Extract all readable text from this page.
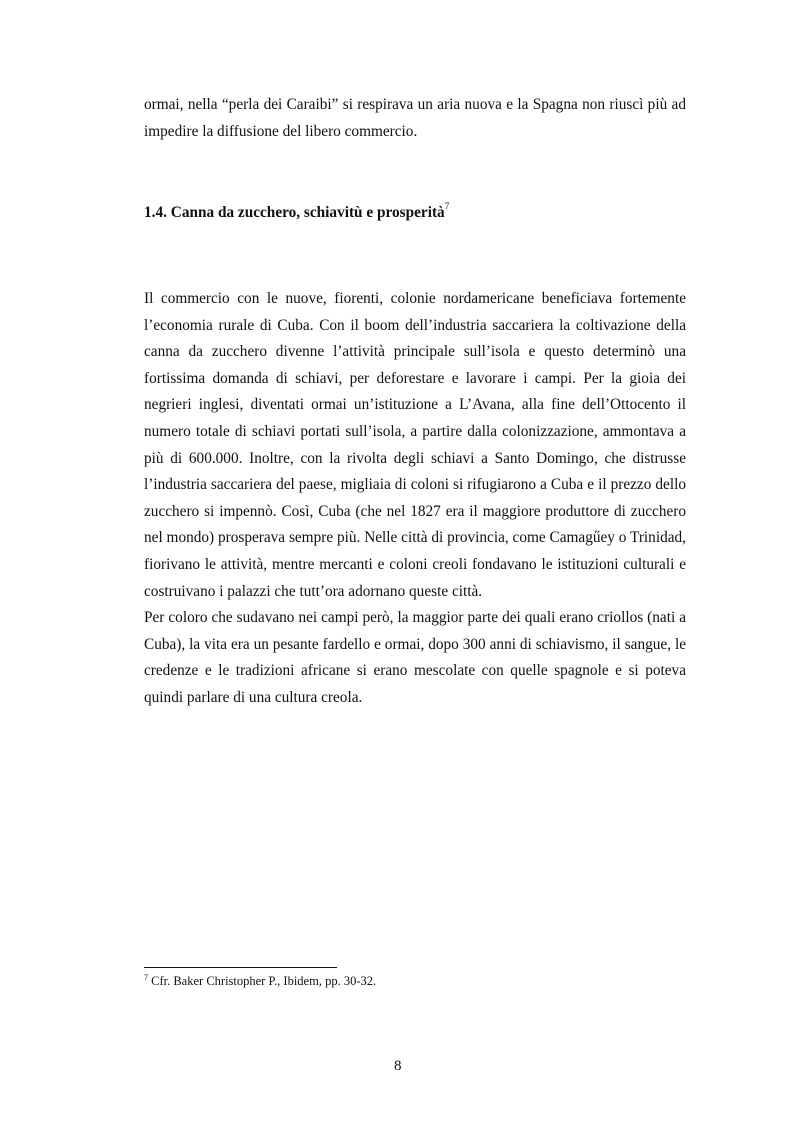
ormai, nella “perla dei Caraibi” si respirava un aria nuova e la Spagna non riuscì più ad impedire la diffusione del libero commercio.

1.4. Canna da zucchero, schiavitù e prosperità$^7$

Il commercio con le nuove, fiorenti, colonie nordamericane beneficiava fortemente l’economia rurale di Cuba. Con il boom dell’industria saccariera la coltivazione della canna da zucchero divenne l’attività principale sull’isola e questo determinò una fortissima domanda di schiavi, per deforestare e lavorare i campi. Per la gioia dei negrieri inglesi, diventati ormai un’istituzione a L’Avana, alla fine dell’Ottocento il numero totale di schiavi portati sull’isola, a partire dalla colonizzazione, ammontava a più di 600.000. Inoltre, con la rivolta degli schiavi a Santo Domingo, che distrusse l’industria saccariera del paese, migliaia di coloni si rifugiarono a Cuba e il prezzo dello zucchero si impennò. Così, Cuba (che nel 1827 era il maggiore produttore di zucchero nel mondo) prosperava sempre più. Nelle città di provincia, come Camagűey o Trinidad, fiorivano le attività, mentre mercanti e coloni creoli fondavano le istituzioni culturali e costruivano i palazzi che tutt’ora adornano queste città.

Per coloro che sudavano nei campi però, la maggior parte dei quali erano criollos (nati a Cuba), la vita era un pesante fardello e ormai, dopo 300 anni di schiavismo, il sangue, le credenze e le tradizioni africane si erano mescolate con quelle spagnole e si poteva quindi parlare di una cultura creola.

$^7$ Cfr. Baker Christopher P., Ibidem, pp. 30-32.
8
